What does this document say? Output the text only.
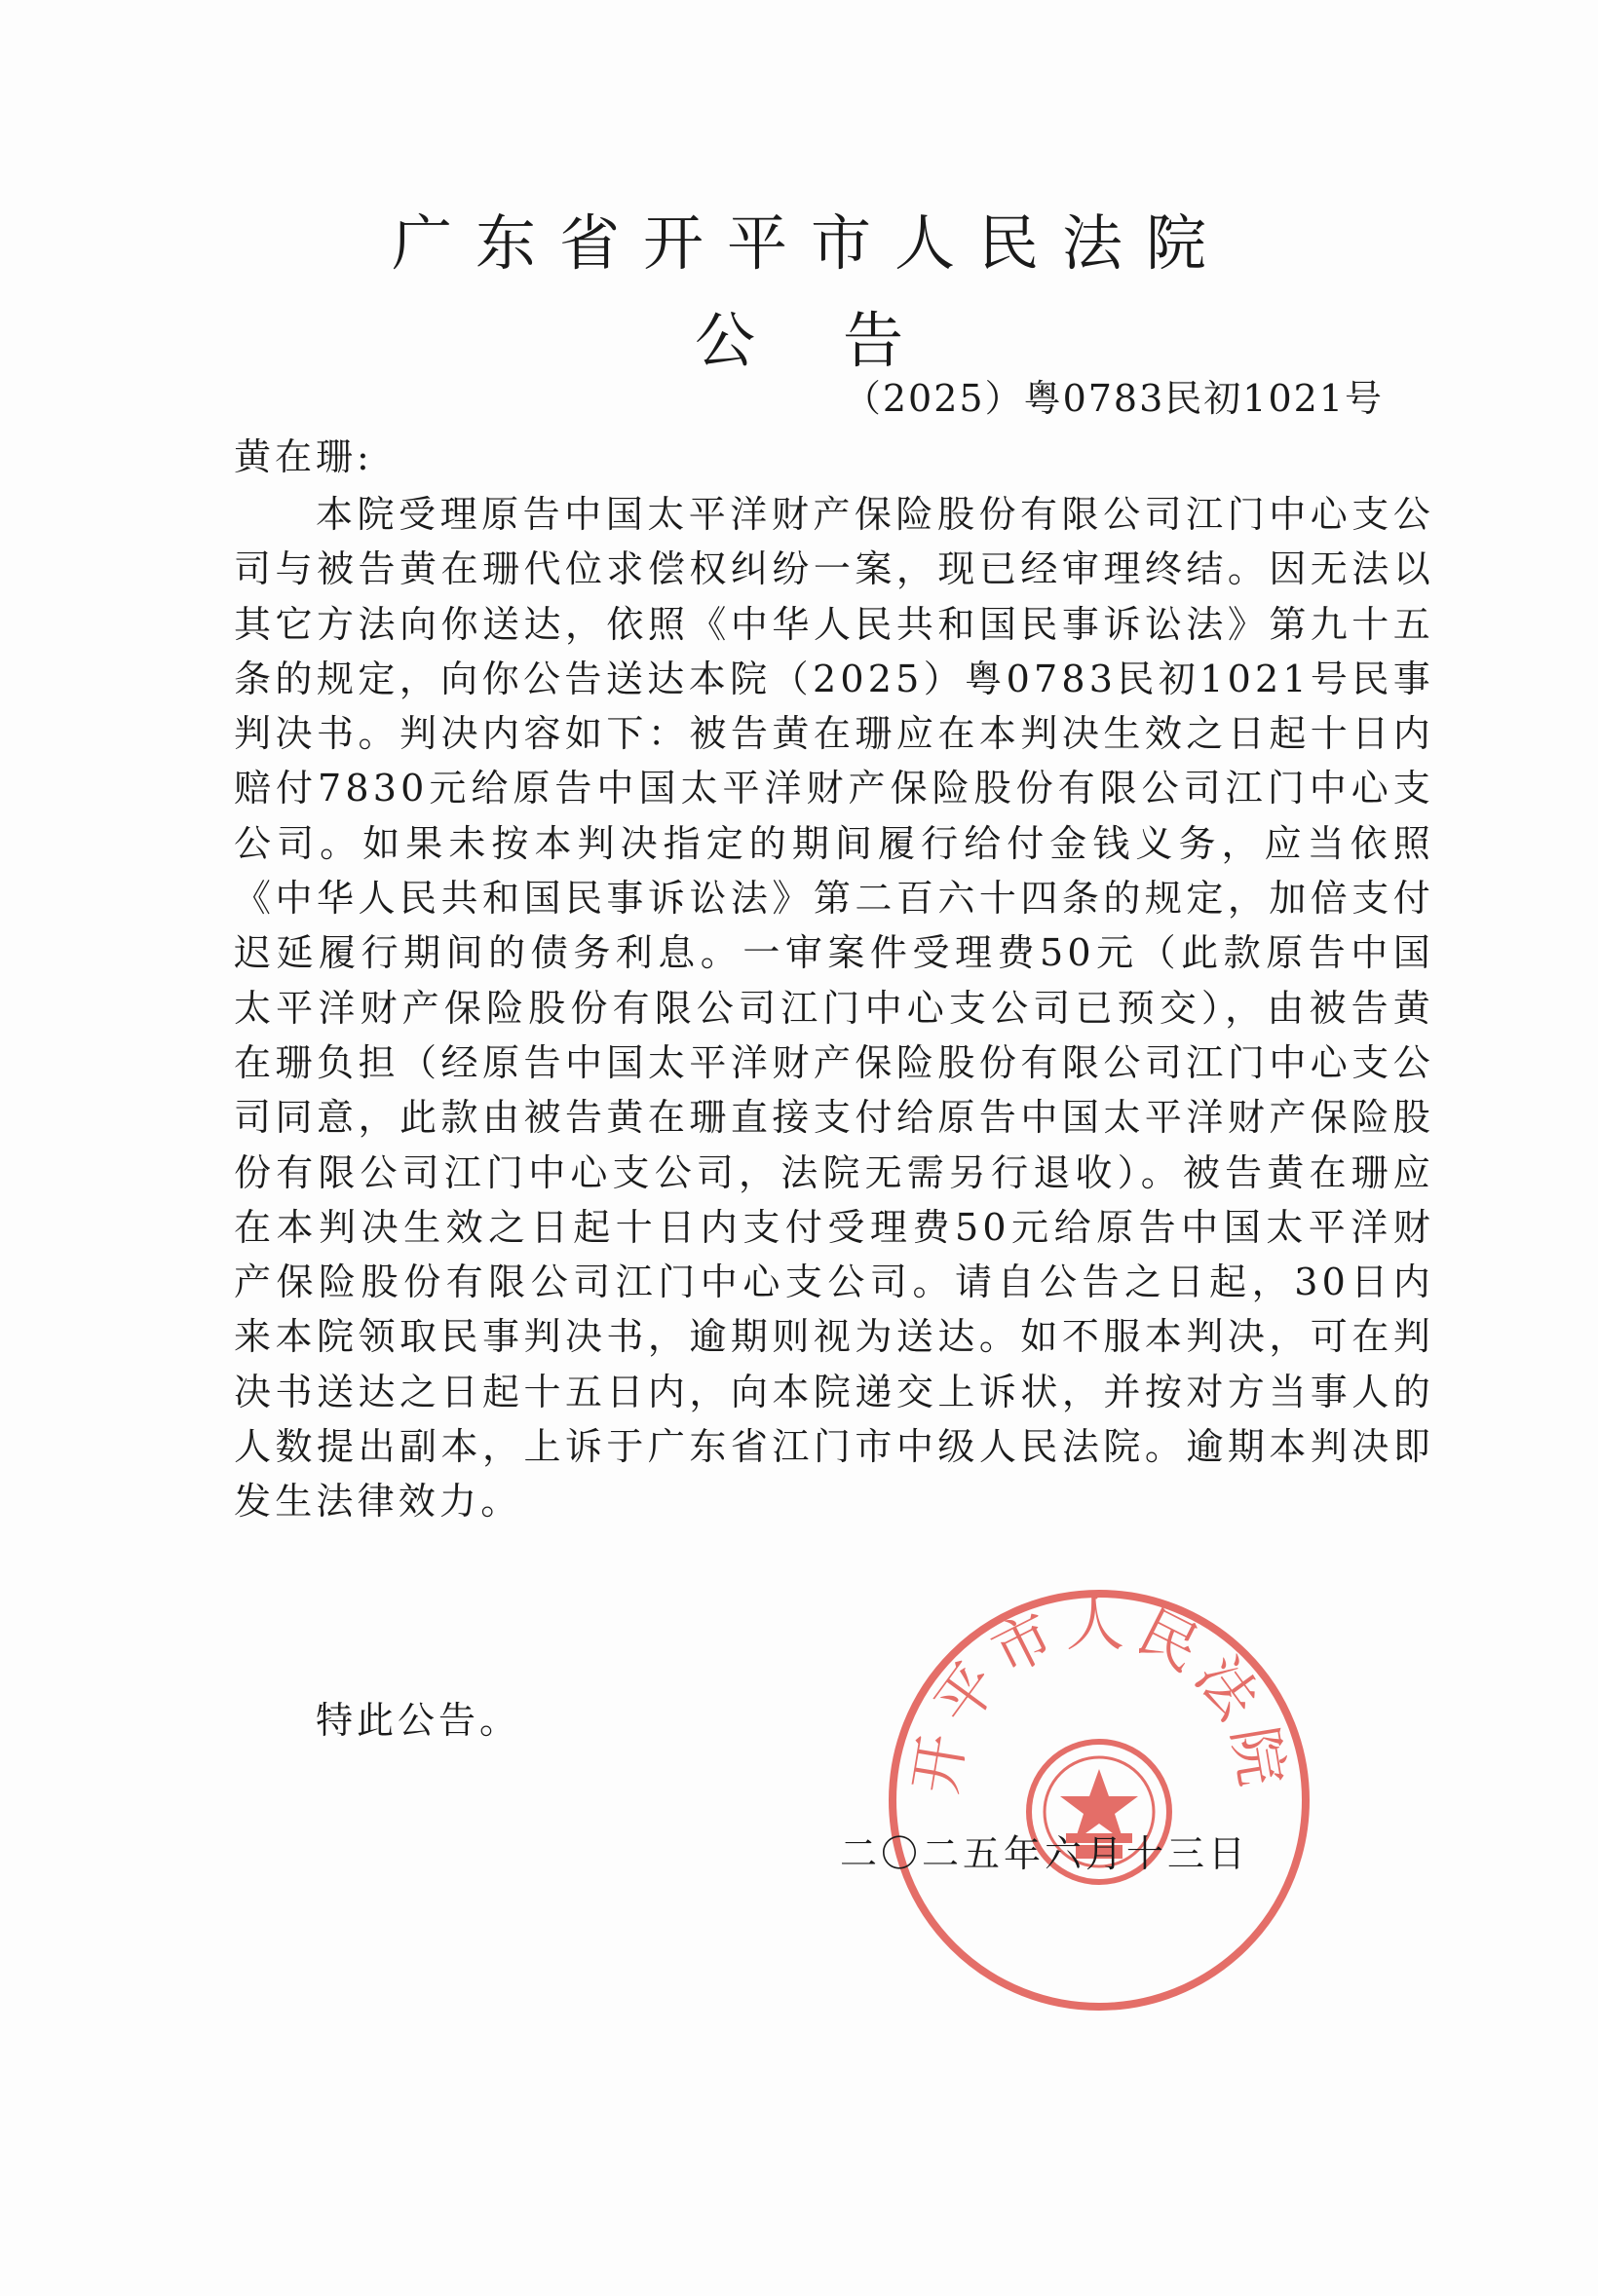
广东省开平市人民法院
公告
（2025）粤0783民初1021号
黄在珊:

本院受理原告中国太平洋财产保险股份有限公司江门中心支公司与被告黄在珊代位求偿权纠纷一案，现已经审理终结。因无法以其它方法向你送达，依照《中华人民共和国民事诉讼法》第九十五条的规定，向你公告送达本院（2025）粤0783民初1021号民事判决书。判决内容如下：被告黄在珊应在本判决生效之日起十日内赔付7830元给原告中国太平洋财产保险股份有限公司江门中心支公司。如果未按本判决指定的期间履行给付金钱义务，应当依照《中华人民共和国民事诉讼法》第二百六十四条的规定，加倍支付迟延履行期间的债务利息。一审案件受理费50元（此款原告中国太平洋财产保险股份有限公司江门中心支公司已预交），由被告黄在珊负担（经原告中国太平洋财产保险股份有限公司江门中心支公司同意，此款由被告黄在珊直接支付给原告中国太平洋财产保险股份有限公司江门中心支公司，法院无需另行退收）。被告黄在珊应在本判决生效之日起十日内支付受理费50元给原告中国太平洋财产保险股份有限公司江门中心支公司。请自公告之日起，30日内来本院领取民事判决书，逾期则视为送达。如不服本判决，可在判决书送达之日起十五日内，向本院递交上诉状，并按对方当事人的人数提出副本，上诉于广东省江门市中级人民法院。逾期本判决即发生法律效力。

特此公告。
开平市人民法院
二〇二五年六月十三日
